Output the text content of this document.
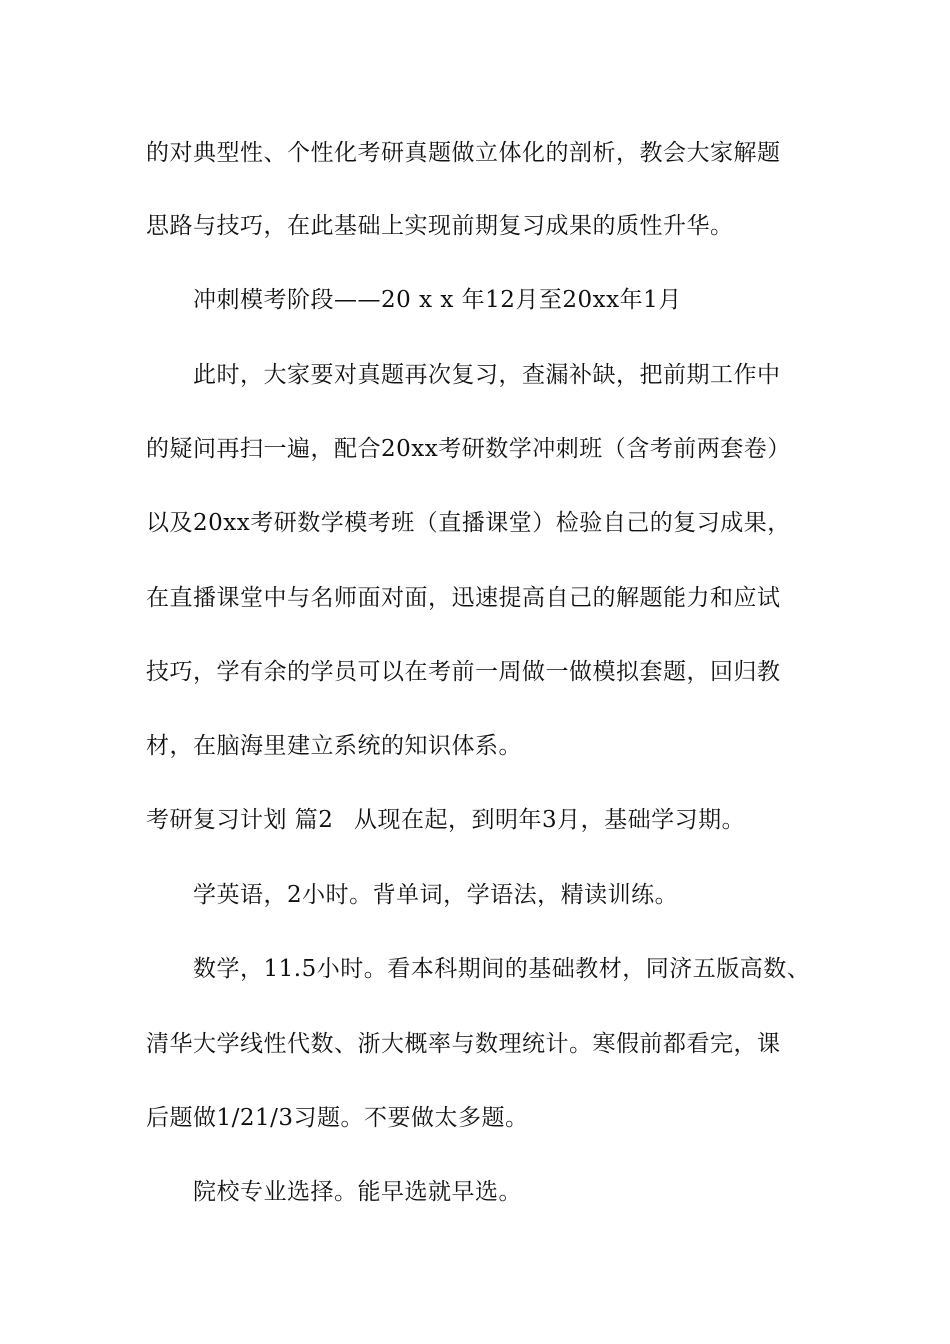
的对典型性、个性化考研真题做立体化的剖析，教会大家解题
思路与技巧，在此基础上实现前期复习成果的质性升华。
冲刺模考阶段——20 x x 年12月至20xx年1月
此时，大家要对真题再次复习，查漏补缺，把前期工作中
的疑问再扫一遍，配合20xx考研数学冲刺班（含考前两套卷）
以及20xx考研数学模考班（直播课堂）检验自己的复习成果，
在直播课堂中与名师面对面，迅速提高自己的解题能力和应试
技巧，学有余的学员可以在考前一周做一做模拟套题，回归教
材，在脑海里建立系统的知识体系。
考研复习计划 篇2 从现在起，到明年3月，基础学习期。
学英语，2小时。背单词，学语法，精读训练。
数学，11.5小时。看本科期间的基础教材，同济五版高数、
清华大学线性代数、浙大概率与数理统计。寒假前都看完，课
后题做1/21/3习题。不要做太多题。
院校专业选择。能早选就早选。
